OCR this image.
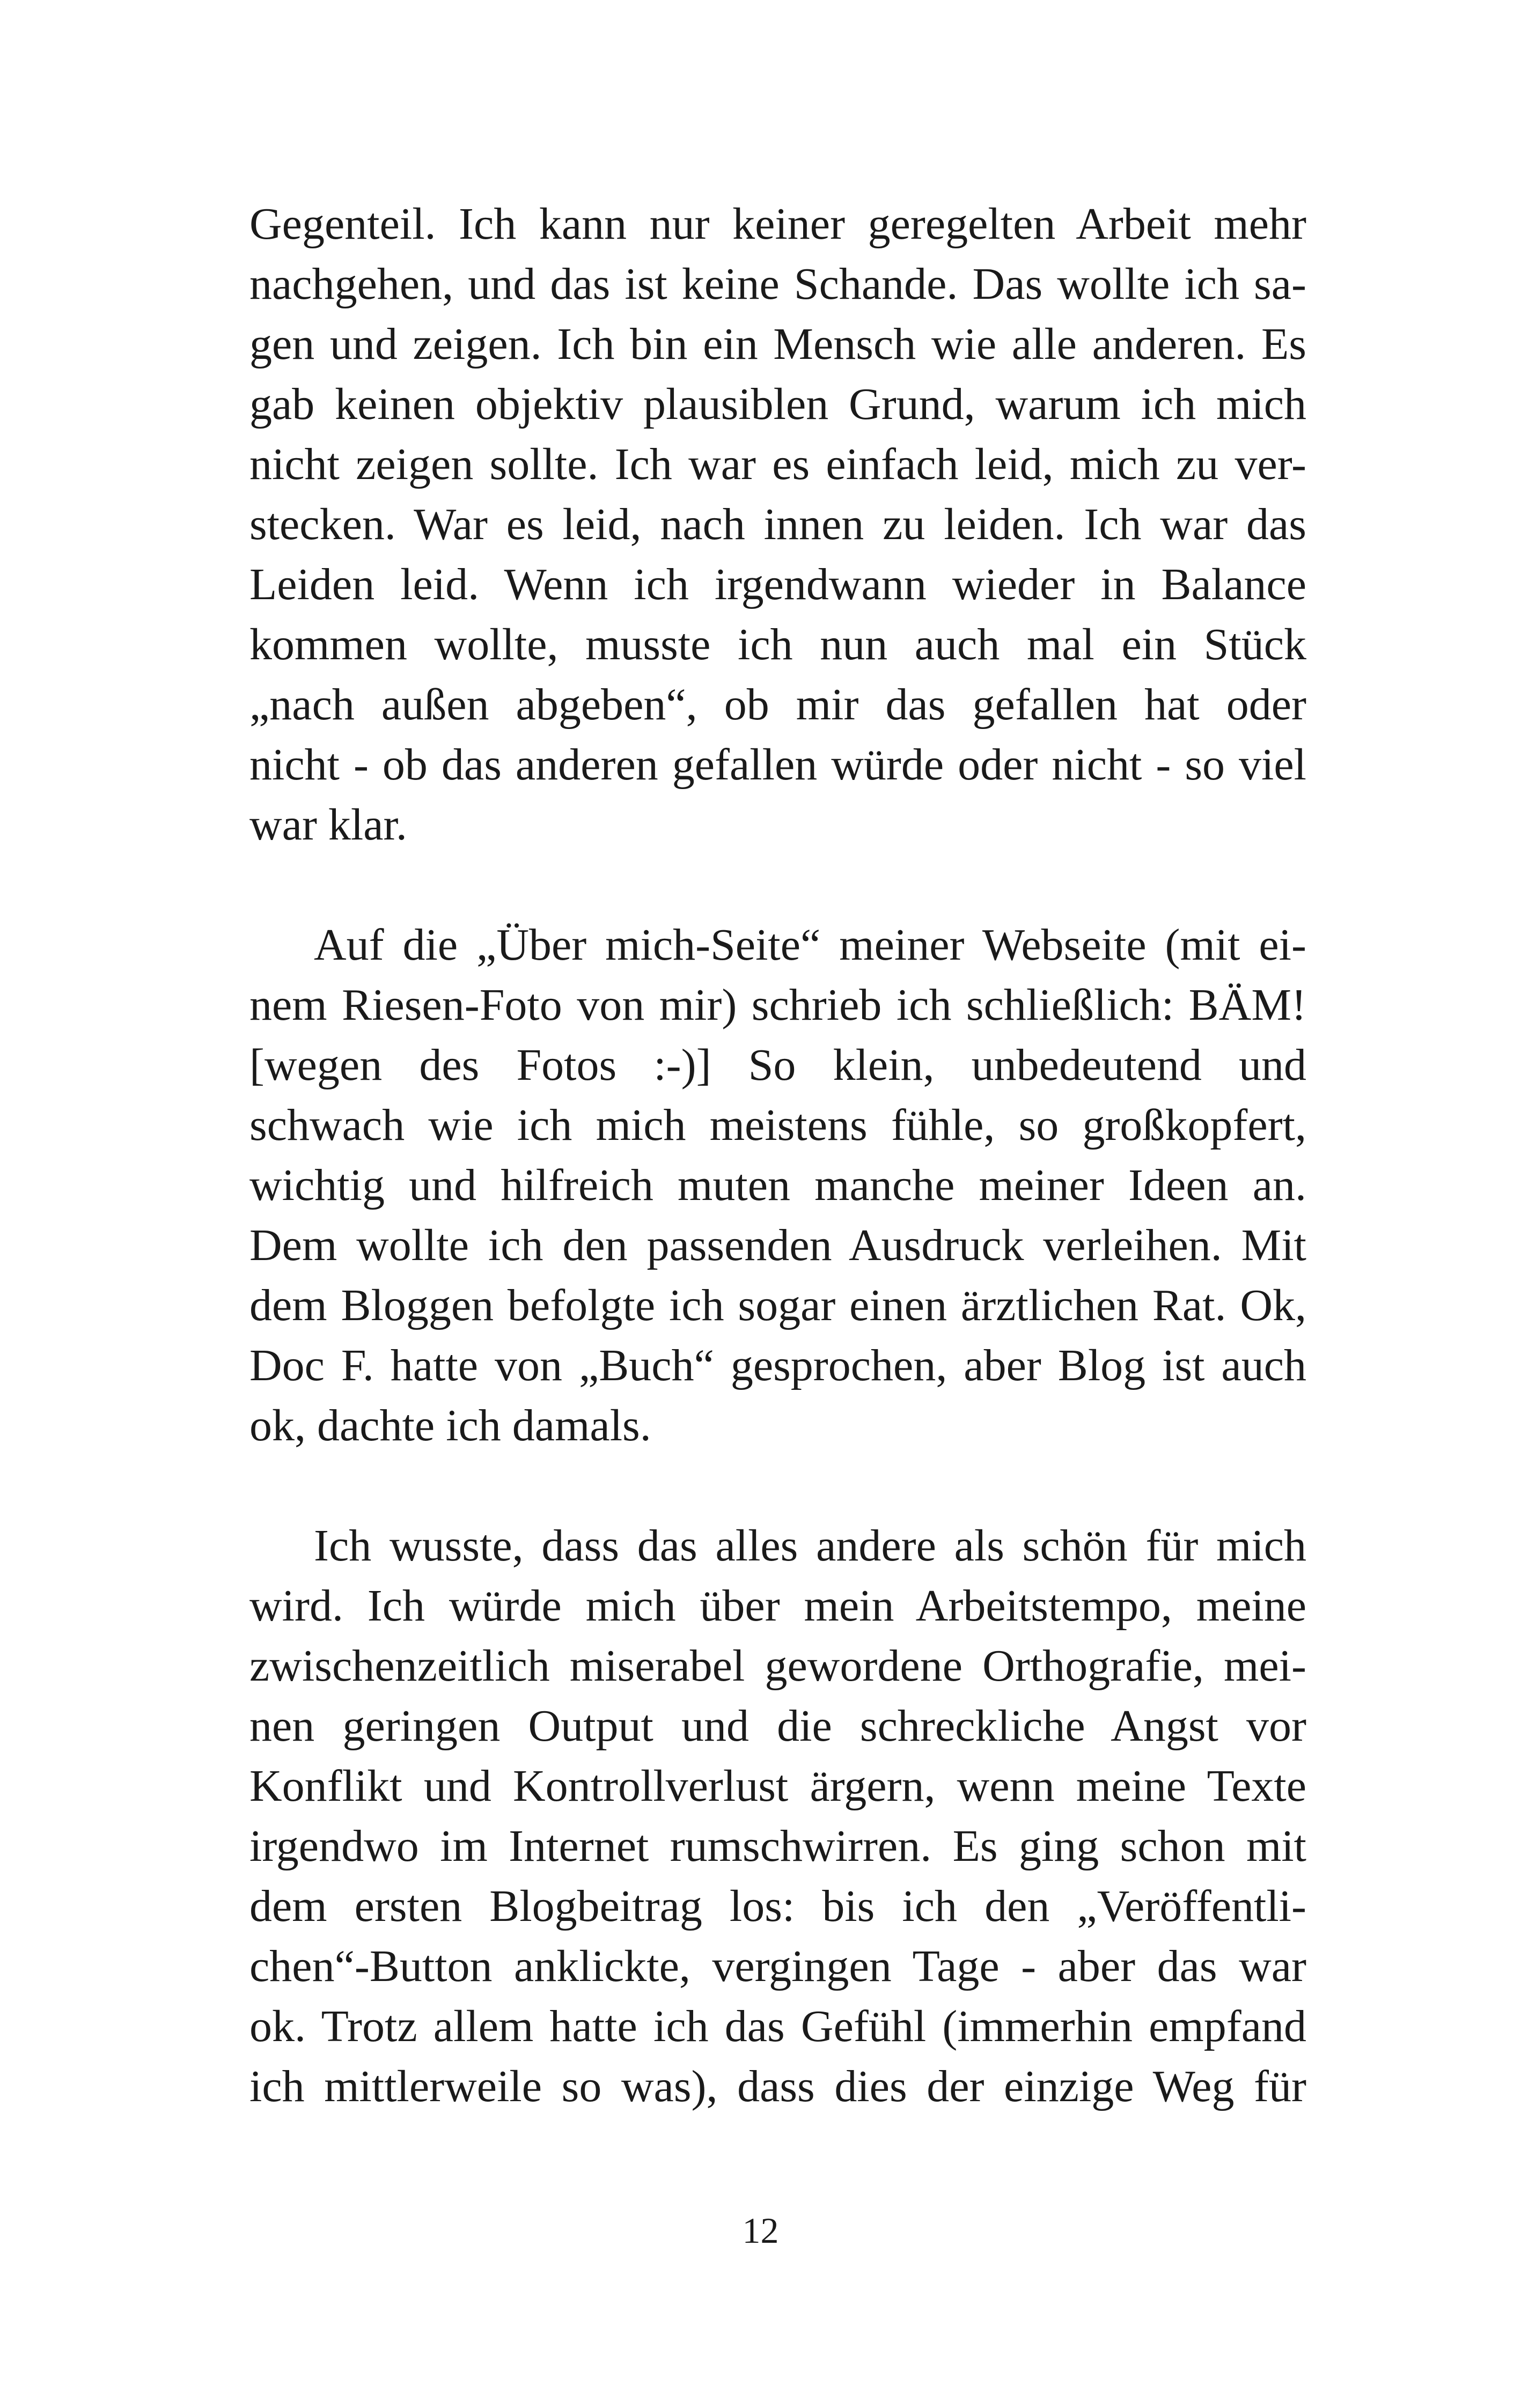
Gegenteil. Ich kann nur keiner geregelten Arbeit mehr
nachgehen, und das ist keine Schande. Das wollte ich sa-
gen und zeigen. Ich bin ein Mensch wie alle anderen. Es
gab keinen objektiv plausiblen Grund, warum ich mich
nicht zeigen sollte. Ich war es einfach leid, mich zu ver-
stecken. War es leid, nach innen zu leiden. Ich war das
Leiden leid. Wenn ich irgendwann wieder in Balance
kommen wollte, musste ich nun auch mal ein Stück
„nach außen abgeben“, ob mir das gefallen hat oder
nicht - ob das anderen gefallen würde oder nicht - so viel
war klar.
Auf die „Über mich-Seite“ meiner Webseite (mit ei-
nem Riesen-Foto von mir) schrieb ich schließlich: BÄM!
[wegen des Fotos :-)] So klein, unbedeutend und
schwach wie ich mich meistens fühle, so großkopfert,
wichtig und hilfreich muten manche meiner Ideen an.
Dem wollte ich den passenden Ausdruck verleihen. Mit
dem Bloggen befolgte ich sogar einen ärztlichen Rat. Ok,
Doc F. hatte von „Buch“ gesprochen, aber Blog ist auch
ok, dachte ich damals.
Ich wusste, dass das alles andere als schön für mich
wird. Ich würde mich über mein Arbeitstempo, meine
zwischenzeitlich miserabel gewordene Orthografie, mei-
nen geringen Output und die schreckliche Angst vor
Konflikt und Kontrollverlust ärgern, wenn meine Texte
irgendwo im Internet rumschwirren. Es ging schon mit
dem ersten Blogbeitrag los: bis ich den „Veröffentli-
chen“-Button anklickte, vergingen Tage - aber das war
ok. Trotz allem hatte ich das Gefühl (immerhin empfand
ich mittlerweile so was), dass dies der einzige Weg für
12
